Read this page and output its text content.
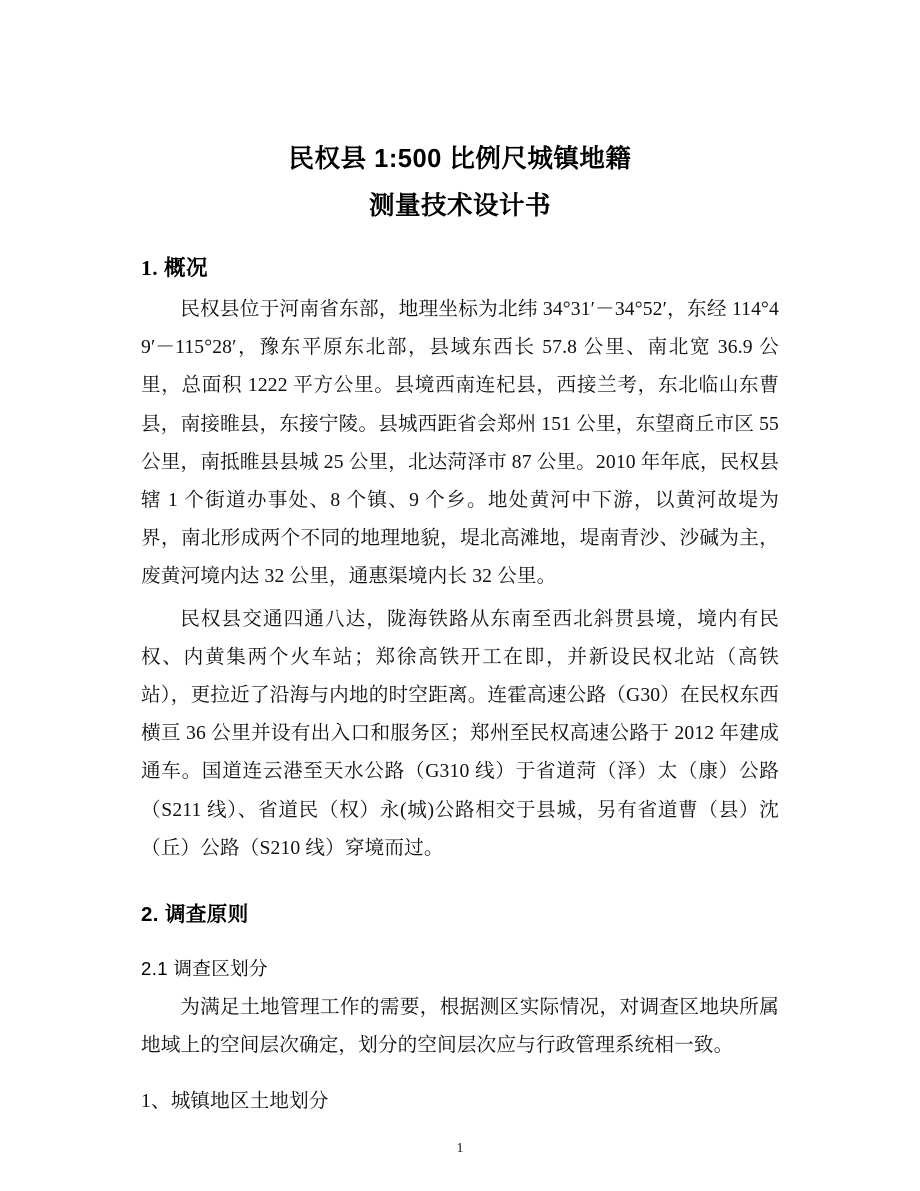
民权县 1:500 比例尺城镇地籍
测量技术设计书
1. 概况

民权县位于河南省东部，地理坐标为北纬 34°31′－34°52′，东经 114°49′－115°28′，豫东平原东北部，县域东西长 57.8 公里、南北宽 36.9 公里，总面积 1222 平方公里。县境西南连杞县，西接兰考，东北临山东曹县，南接睢县，东接宁陵。县城西距省会郑州 151 公里，东望商丘市区 55 公里，南抵睢县县城 25 公里，北达菏泽市 87 公里。2010 年年底，民权县辖 1 个街道办事处、8 个镇、9 个乡。地处黄河中下游，以黄河故堤为界，南北形成两个不同的地理地貌，堤北高滩地，堤南青沙、沙碱为主，废黄河境内达 32 公里，通惠渠境内长 32 公里。

民权县交通四通八达，陇海铁路从东南至西北斜贯县境，境内有民权、内黄集两个火车站；郑徐高铁开工在即，并新设民权北站（高铁站），更拉近了沿海与内地的时空距离。连霍高速公路（G30）在民权东西横亘 36 公里并设有出入口和服务区；郑州至民权高速公路于 2012 年建成通车。国道连云港至天水公路（G310 线）于省道菏（泽）太（康）公路（S211 线）、省道民（权）永(城)公路相交于县城，另有省道曹（县）沈（丘）公路（S210 线）穿境而过。

2. 调查原则
2.1 调查区划分

为满足土地管理工作的需要，根据测区实际情况，对调查区地块所属地域上的空间层次确定，划分的空间层次应与行政管理系统相一致。

1、城镇地区土地划分

1
